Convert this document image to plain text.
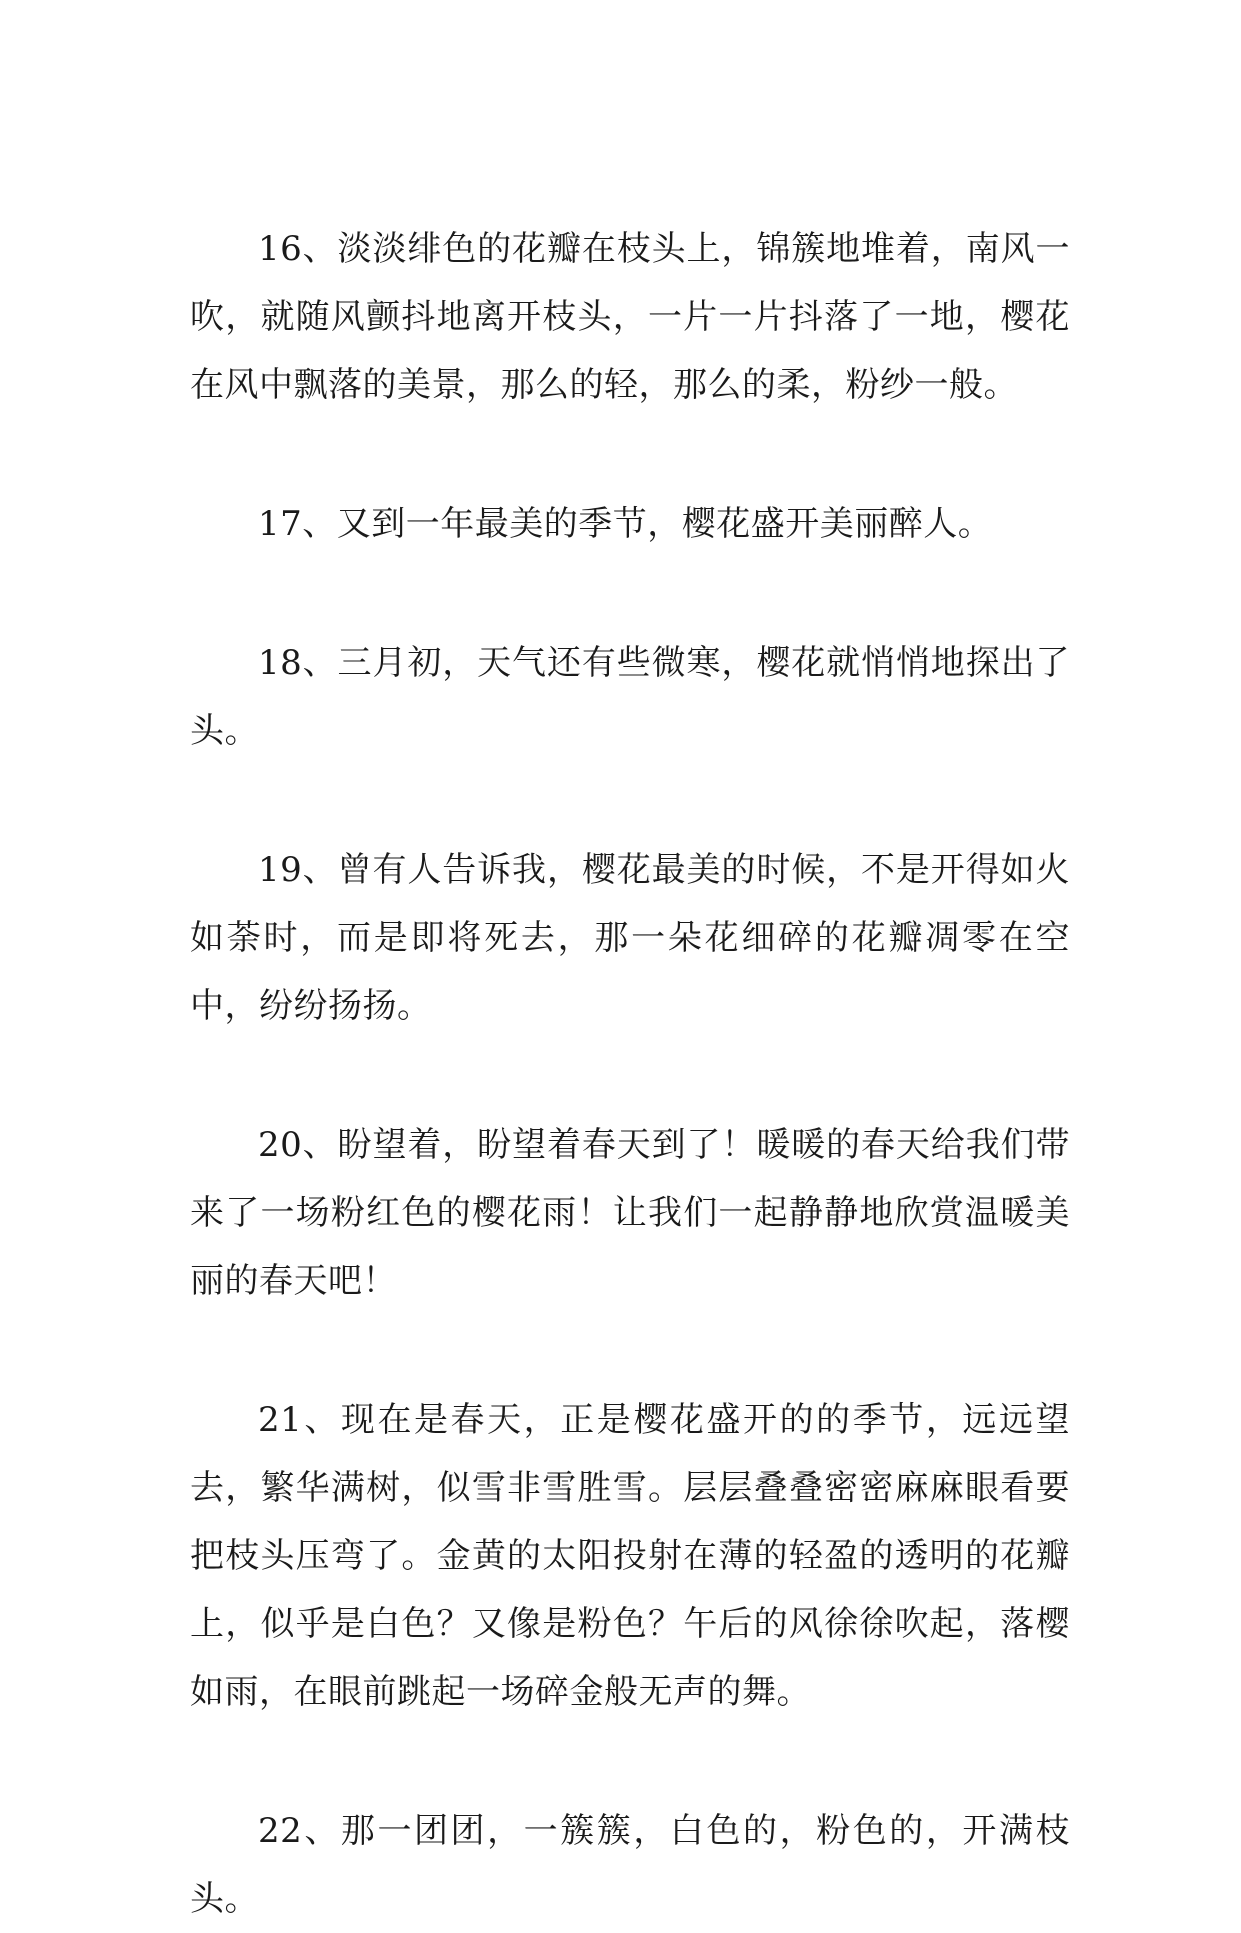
16、淡淡绯色的花瓣在枝头上，锦簇地堆着，南风一吹，就随风颤抖地离开枝头，一片一片抖落了一地，樱花在风中飘落的美景，那么的轻，那么的柔，粉纱一般。

17、又到一年最美的季节，樱花盛开美丽醉人。

18、三月初，天气还有些微寒，樱花就悄悄地探出了头。

19、曾有人告诉我，樱花最美的时候，不是开得如火如荼时，而是即将死去，那一朵花细碎的花瓣凋零在空中，纷纷扬扬。

20、盼望着，盼望着春天到了！暖暖的春天给我们带来了一场粉红色的樱花雨！让我们一起静静地欣赏温暖美丽的春天吧！

21、现在是春天，正是樱花盛开的的季节，远远望去，繁华满树，似雪非雪胜雪。层层叠叠密密麻麻眼看要把枝头压弯了。金黄的太阳投射在薄的轻盈的透明的花瓣上，似乎是白色？又像是粉色？午后的风徐徐吹起，落樱如雨，在眼前跳起一场碎金般无声的舞。

22、那一团团，一簇簇，白色的，粉色的，开满枝头。
